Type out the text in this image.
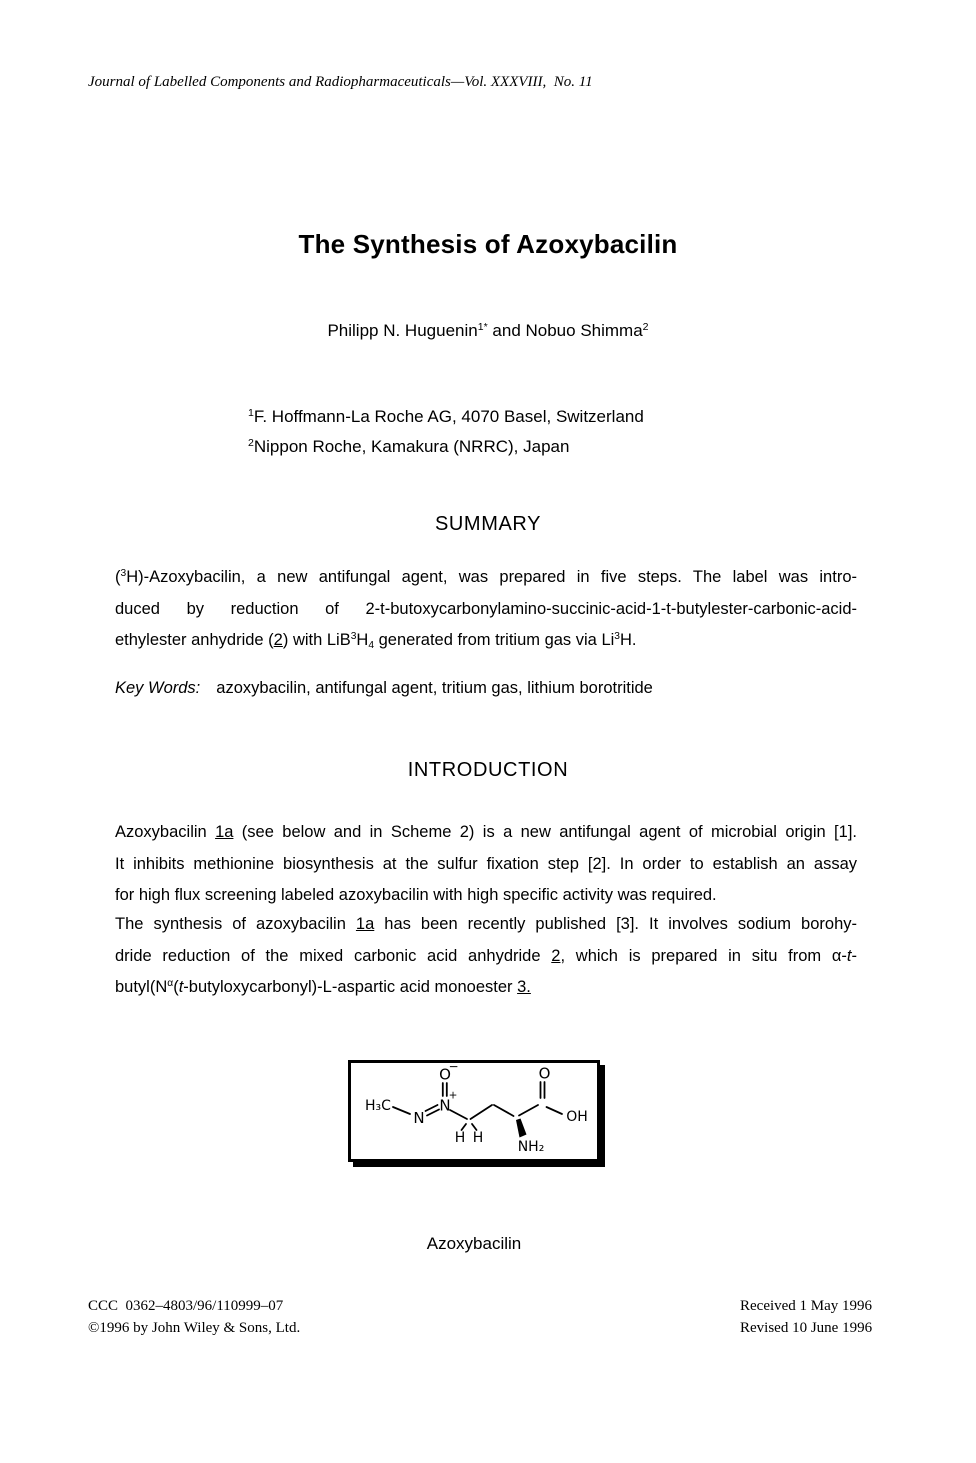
Journal of Labelled Components and Radiopharmaceuticals—Vol. XXXVIII,  No. 11
The Synthesis of Azoxybacilin
Philipp N. Huguenin$^{1*}$ and Nobuo Shimma$^2$
$^1$F. Hoffmann-La Roche AG, 4070 Basel, Switzerland
$^2$Nippon Roche, Kamakura (NRRC), Japan
SUMMARY
($^3$H)-Azoxybacilin, a new antifungal agent, was prepared in five steps. The label was intro-
duced by reduction of 2-t-butoxycarbonylamino-succinic-acid-1-t-butylester-carbonic-acid-
ethylester anhydride (2) with $LiB^3H_4$ generated from tritium gas via Li$^3$H.
Key Words: azoxybacilin, antifungal agent, tritium gas, lithium borotritide
INTRODUCTION
Azoxybacilin 1a (see below and in Scheme 2) is a new antifungal agent of microbial origin [1].
It inhibits methionine biosynthesis at the sulfur fixation step [2]. In order to establish an assay
for high flux screening labeled azoxybacilin with high specific activity was required.
The synthesis of azoxybacilin 1a has been recently published [3]. It involves sodium borohy-
dride reduction of the mixed carbonic acid anhydride 2, which is prepared in situ from α-t-
$butyl(N^\alpha(t-butyloxycarbonyl)-L$-aspartic acid monoester 3.
H₃C
N
N
+
O
−
H H
NH₂
O
OH
Azoxybacilin
CCC  0362–4803/96/110999–07
©1996 by John Wiley & Sons, Ltd.
Received 1 May 1996
Revised 10 June 1996
